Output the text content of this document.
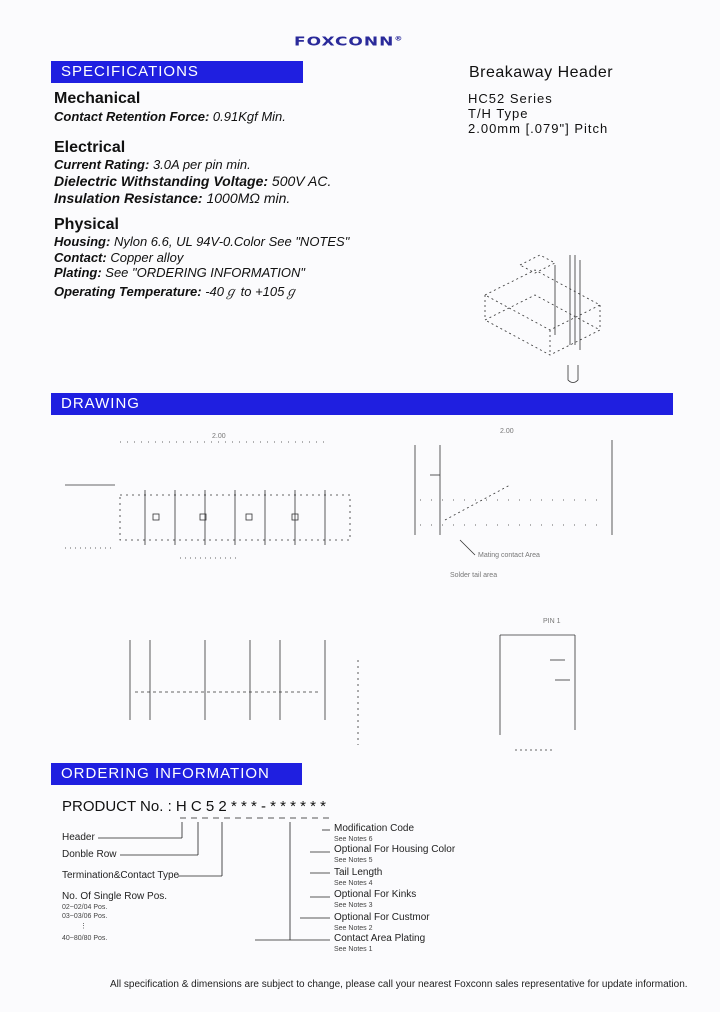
FOXCONN®
SPECIFICATIONS	Breakaway Header
HC52 Series
T/H Type
2.00mm [.079"] Pitch
Mechanical
Contact Retention Force: 0.91Kgf Min.
Electrical
Current Rating: 3.0A per pin min.
Dielectric Withstanding Voltage: 500V AC.
Insulation Resistance: 1000MΩ min.
Physical
Housing: Nylon 6.6, UL 94V-0.Color See "NOTES"
Contact: Copper alloy
Plating: See "ORDERING INFORMATION"
Operating Temperature: -40ℊ to +105ℊ
DRAWING
2.00
2.00
Mating contact Area
Solder tail area
PIN 1
ORDERING INFORMATION
PRODUCT No. : H C 5 2 * * * - * * * * * *
Header
Donble Row
Termination&Contact Type
No. Of Single Row Pos.
02~02/04 Pos.
03~03/06 Pos.
⋮
40~80/80 Pos.
Modification Code
See Notes 6
Optional For Housing Color
See Notes 5
Tail Length
See Notes 4
Optional For Kinks
See Notes 3
Optional For Custmor
See Notes 2
Contact Area Plating
See Notes 1
All specification & dimensions are subject to change, please call your nearest Foxconn sales representative for update information.
